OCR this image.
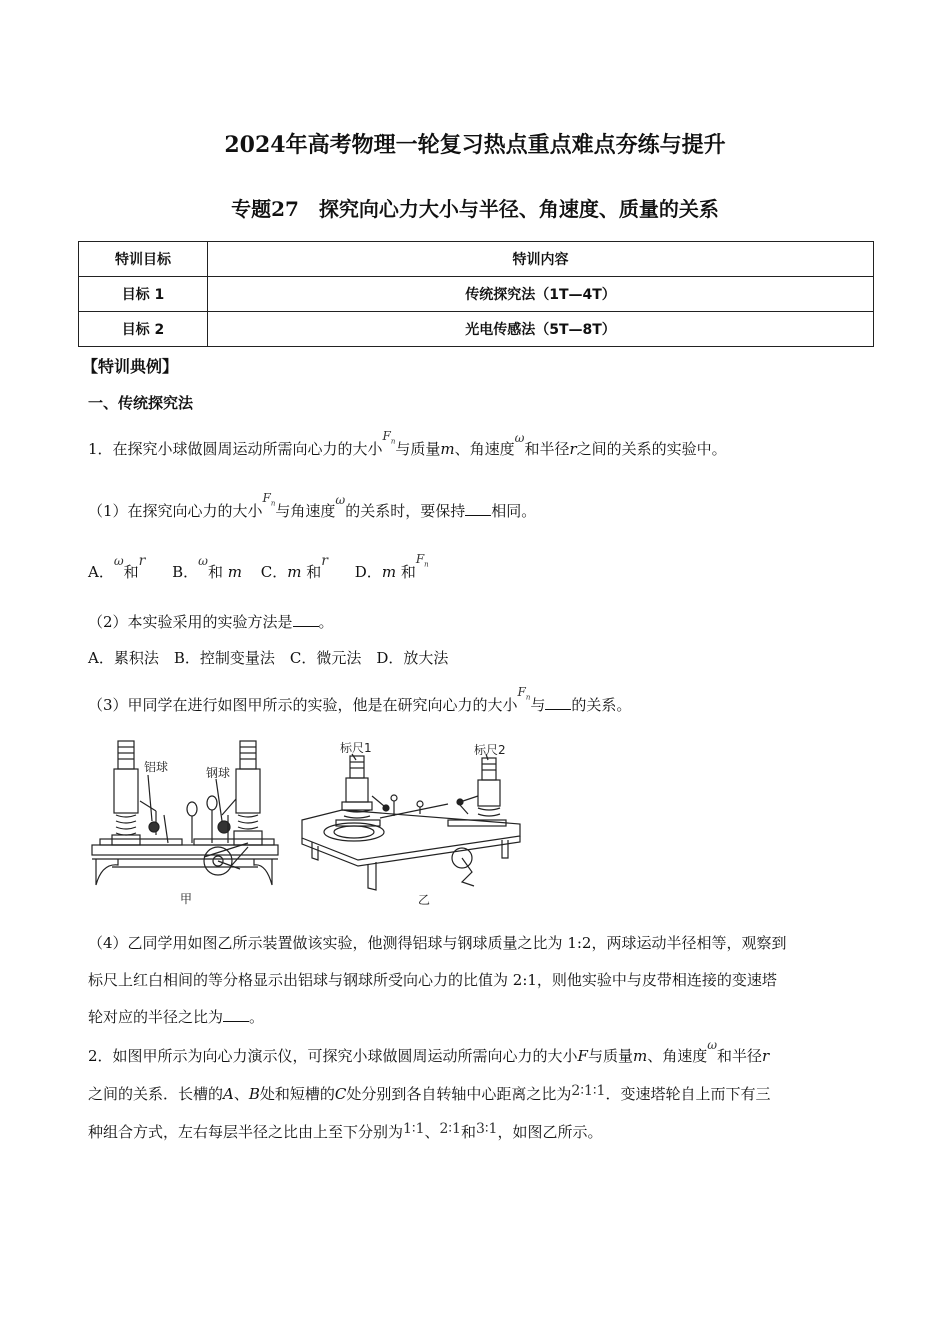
2024年高考物理一轮复习热点重点难点夯练与提升
专题27　探究向心力大小与半径、角速度、质量的关系
特训目标	特训内容
目标 1	传统探究法（1T—4T）
目标 2	光电传感法（5T—8T）
【特训典例】
一、传统探究法
1．在探究小球做圆周运动所需向心力的大小$^{F_n}$与质量m、角速度$^\omega$和半径r之间的关系的实验中。
（1）在探究向心力的大小$^{F_n}$与角速度$^\omega$的关系时，要保持 相同。
A．$^\omega$和r B．$^\omega$和 m C．m 和r D．m 和$^{F_n}$
（2）本实验采用的实验方法是 。
A．累积法　B．控制变量法　C．微元法　D．放大法
（3）甲同学在进行如图甲所示的实验，他是在研究向心力的大小$^{F_n}$与 的关系。
铝球	钢球
甲
标尺1	标尺2
乙
（4）乙同学用如图乙所示装置做该实验，他测得铝球与钢球质量之比为 1:2，两球运动半径相等，观察到
标尺上红白相间的等分格显示出铝球与钢球所受向心力的比值为 2:1，则他实验中与皮带相连接的变速塔
轮对应的半径之比为 。
2．如图甲所示为向心力演示仪，可探究小球做圆周运动所需向心力的大小F与质量m、角速度$^\omega$和半径r
之间的关系．长槽的A、B处和短槽的C处分别到各自转轴中心距离之比为2∶1∶1．变速塔轮自上而下有三
种组合方式，左右每层半径之比由上至下分别为1∶1、2∶1和3∶1，如图乙所示。
